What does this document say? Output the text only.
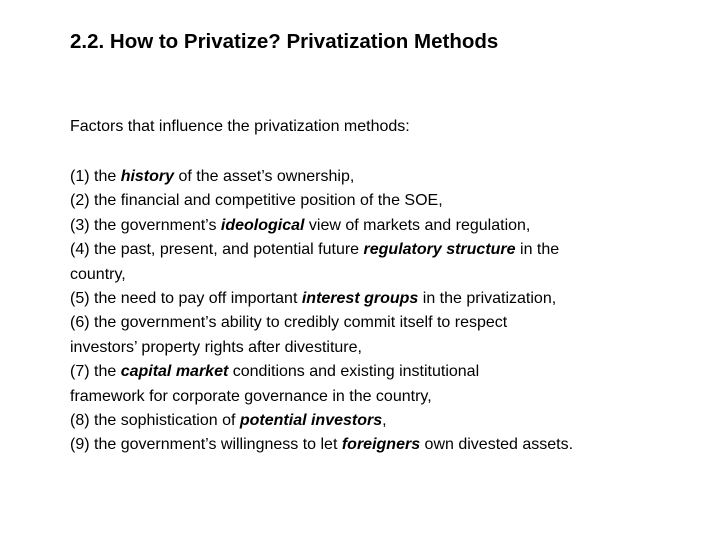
2.2. How to Privatize? Privatization Methods
Factors that influence the privatization methods:
(1) the history of the asset’s ownership,
(2) the financial and competitive position of the SOE,
(3) the government’s ideological view of markets and regulation,
(4) the past, present, and potential future regulatory structure in the
country,
(5) the need to pay off important interest groups in the privatization,
(6) the government’s ability to credibly commit itself to respect
investors’ property rights after divestiture,
(7) the capital market conditions and existing institutional
framework for corporate governance in the country,
(8) the sophistication of potential investors,
(9) the government’s willingness to let foreigners own divested assets.
